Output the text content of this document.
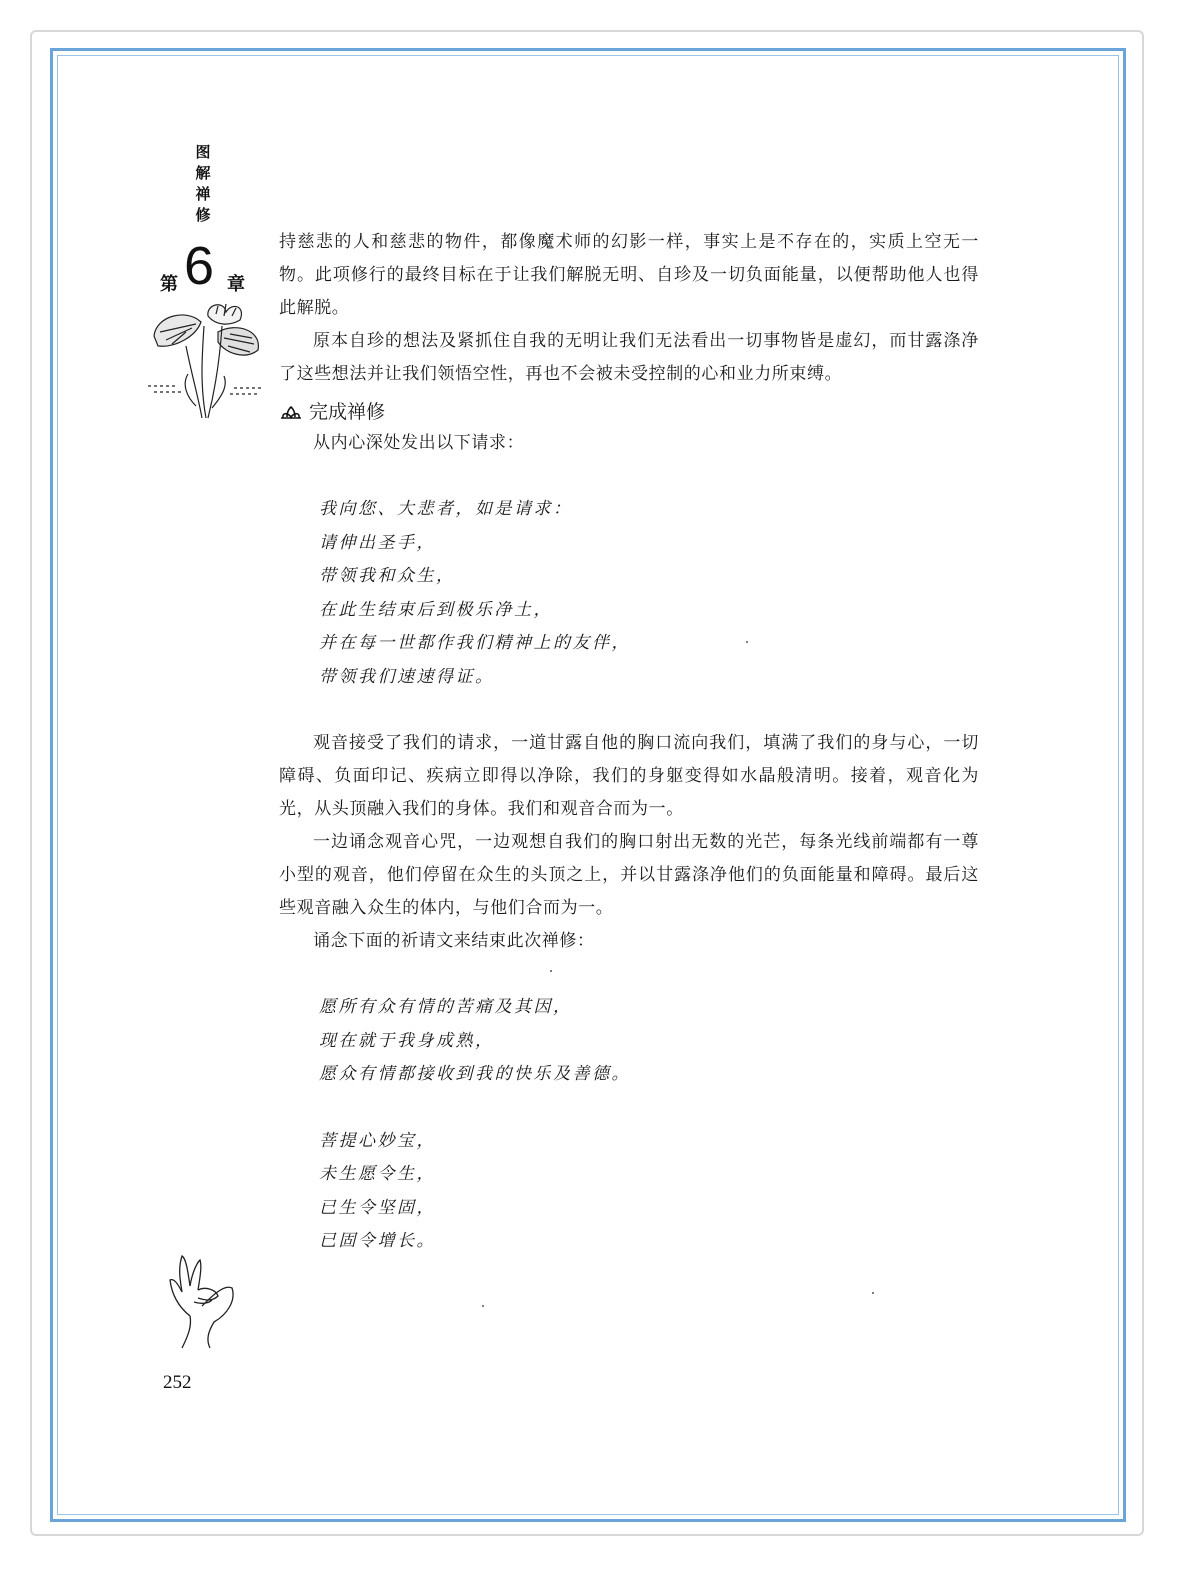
图解禅修
第 6 章

持慈悲的人和慈悲的物件，都像魔术师的幻影一样，事实上是不存在的，实质上空无一物。此项修行的最终目标在于让我们解脱无明、自珍及一切负面能量，以便帮助他人也得此解脱。

原本自珍的想法及紧抓住自我的无明让我们无法看出一切事物皆是虚幻，而甘露涤净了这些想法并让我们领悟空性，再也不会被未受控制的心和业力所束缚。

完成禅修

从内心深处发出以下请求：

我向您、大悲者，如是请求：

请伸出圣手，

带领我和众生，

在此生结束后到极乐净土，

并在每一世都作我们精神上的友伴，

带领我们速速得证。

观音接受了我们的请求，一道甘露自他的胸口流向我们，填满了我们的身与心，一切障碍、负面印记、疾病立即得以净除，我们的身躯变得如水晶般清明。接着，观音化为光，从头顶融入我们的身体。我们和观音合而为一。

一边诵念观音心咒，一边观想自我们的胸口射出无数的光芒，每条光线前端都有一尊小型的观音，他们停留在众生的头顶之上，并以甘露涤净他们的负面能量和障碍。最后这些观音融入众生的体内，与他们合而为一。

诵念下面的祈请文来结束此次禅修：

愿所有众有情的苦痛及其因，

现在就于我身成熟，

愿众有情都接收到我的快乐及善德。

菩提心妙宝，

未生愿令生，

已生令坚固，

已固令增长。

252
